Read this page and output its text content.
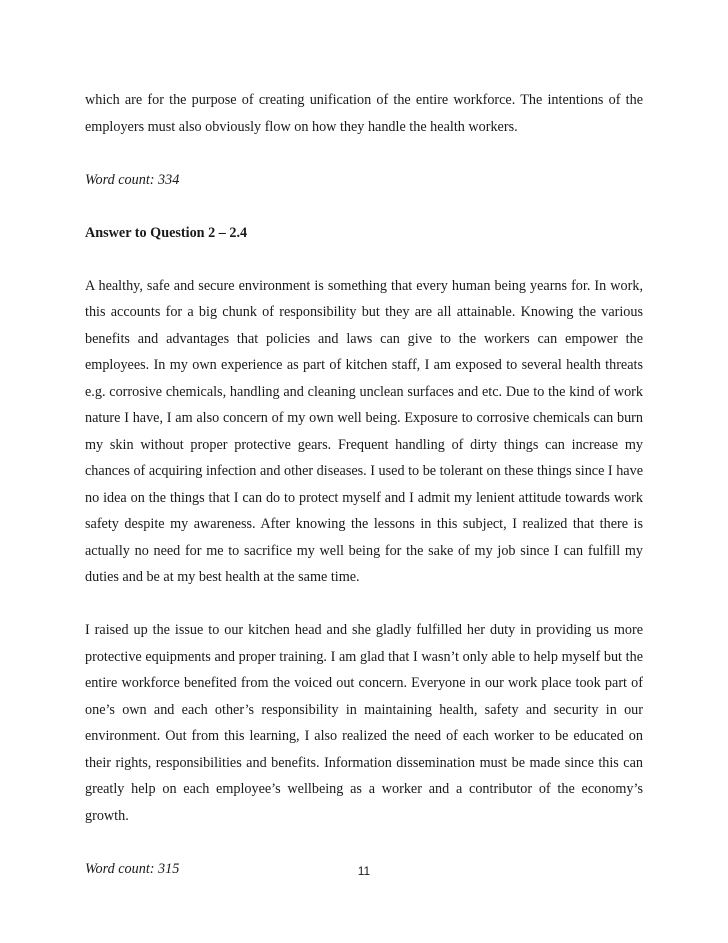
which are for the purpose of creating unification of the entire workforce. The intentions of the employers must also obviously flow on how they handle the health workers.

Word count: 334

Answer to Question 2 – 2.4

A healthy, safe and secure environment is something that every human being yearns for. In work, this accounts for a big chunk of responsibility but they are all attainable. Knowing the various benefits and advantages that policies and laws can give to the workers can empower the employees. In my own experience as part of kitchen staff, I am exposed to several health threats e.g. corrosive chemicals, handling and cleaning unclean surfaces and etc. Due to the kind of work nature I have, I am also concern of my own well being. Exposure to corrosive chemicals can burn my skin without proper protective gears. Frequent handling of dirty things can increase my chances of acquiring infection and other diseases. I used to be tolerant on these things since I have no idea on the things that I can do to protect myself and I admit my lenient attitude towards work safety despite my awareness. After knowing the lessons in this subject, I realized that there is actually no need for me to sacrifice my well being for the sake of my job since I can fulfill my duties and be at my best health at the same time.

I raised up the issue to our kitchen head and she gladly fulfilled her duty in providing us more protective equipments and proper training. I am glad that I wasn’t only able to help myself but the entire workforce benefited from the voiced out concern. Everyone in our work place took part of one’s own and each other’s responsibility in maintaining health, safety and security in our environment. Out from this learning, I also realized the need of each worker to be educated on their rights, responsibilities and benefits. Information dissemination must be made since this can greatly help on each employee’s wellbeing as a worker and a contributor of the economy’s growth.

Word count: 315	11
